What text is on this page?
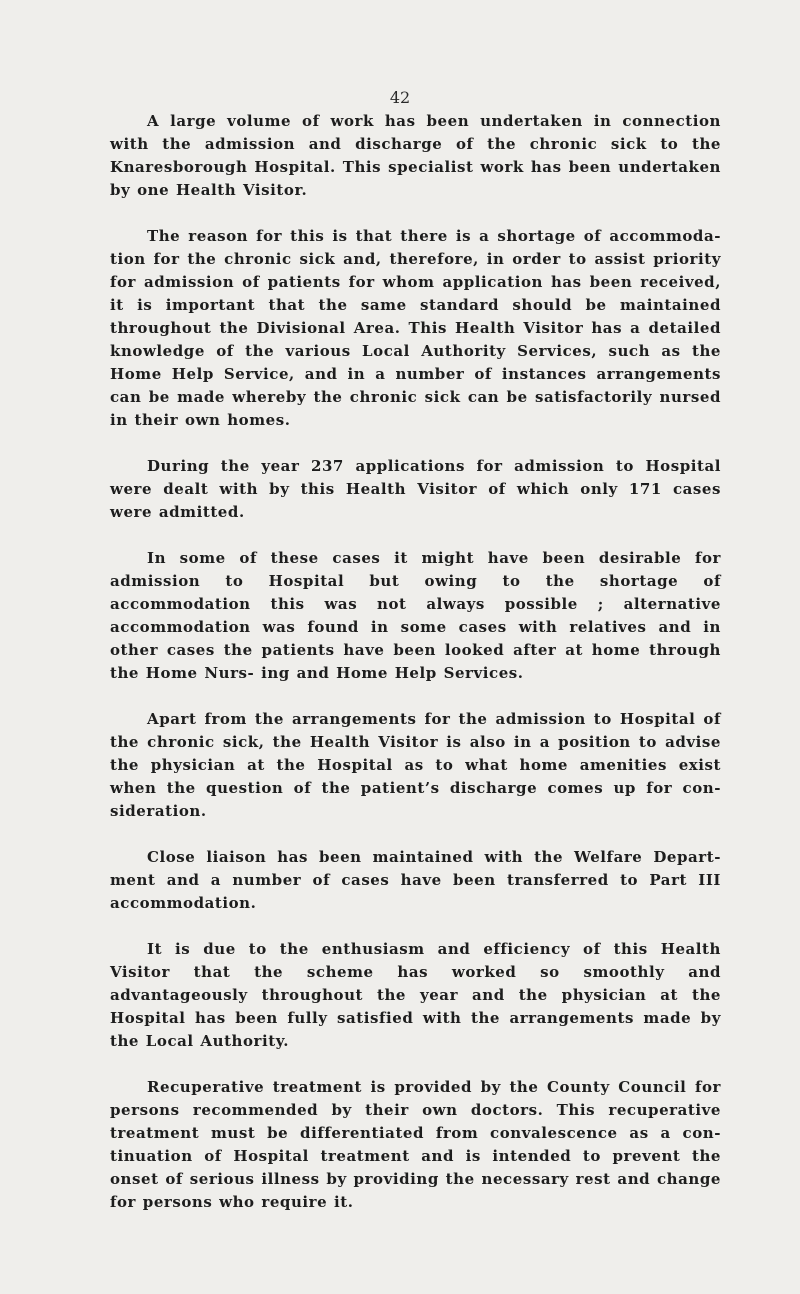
42

A large volume of work has been undertaken in connection with the admission and discharge of the chronic sick to the Knaresborough Hospital. This specialist work has been undertaken by one Health Visitor.

The reason for this is that there is a shortage of accommoda- tion for the chronic sick and, therefore, in order to assist priority for admission of patients for whom application has been received, it is important that the same standard should be maintained throughout the Divisional Area. This Health Visitor has a detailed knowledge of the various Local Authority Services, such as the Home Help Service, and in a number of instances arrangements can be made whereby the chronic sick can be satisfactorily nursed in their own homes.

During the year 237 applications for admission to Hospital were dealt with by this Health Visitor of which only 171 cases were admitted.

In some of these cases it might have been desirable for admission to Hospital but owing to the shortage of accommodation this was not always possible ; alternative accommodation was found in some cases with relatives and in other cases the patients have been looked after at home through the Home Nurs- ing and Home Help Services.

Apart from the arrangements for the admission to Hospital of the chronic sick, the Health Visitor is also in a position to advise the physician at the Hospital as to what home amenities exist when the question of the patient’s discharge comes up for con- sideration.

Close liaison has been maintained with the Welfare Depart- ment and a number of cases have been transferred to Part III accommodation.

It is due to the enthusiasm and efficiency of this Health Visitor that the scheme has worked so smoothly and advantageously throughout the year and the physician at the Hospital has been fully satisfied with the arrangements made by the Local Authority.

Recuperative treatment is provided by the County Council for persons recommended by their own doctors. This recuperative treatment must be differentiated from convalescence as a con- tinuation of Hospital treatment and is intended to prevent the onset of serious illness by providing the necessary rest and change for persons who require it.
